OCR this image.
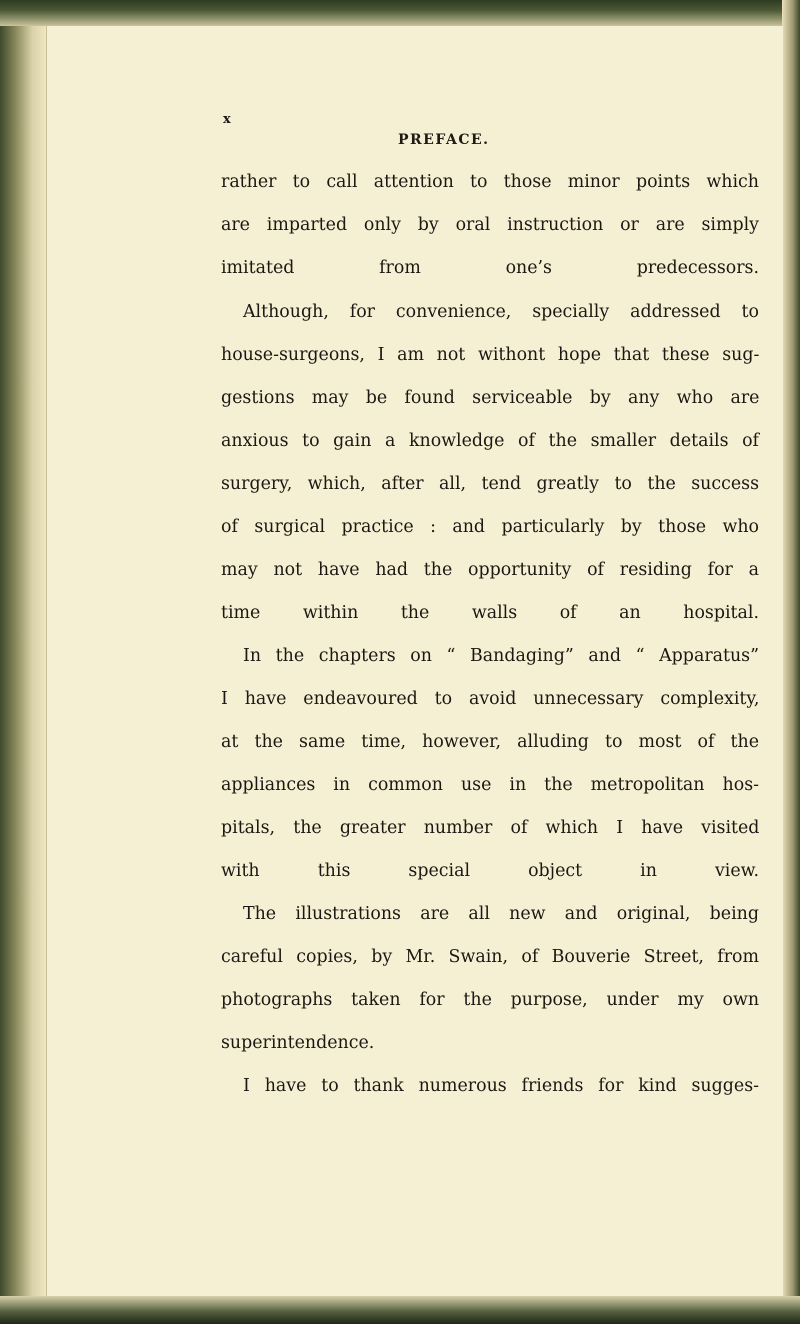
x
PREFACE.

rather to call attention to those minor points which
are imparted only by oral instruction or are simply
imitated from one’s predecessors.

Although, for convenience, specially addressed to
house-surgeons, I am not withont hope that these sug-
gestions may be found serviceable by any who are
anxious to gain a knowledge of the smaller details of
surgery, which, after all, tend greatly to the success
of surgical practice : and particularly by those who
may not have had the opportunity of residing for a
time within the walls of an hospital.

In the chapters on “ Bandaging” and “ Apparatus”
I have endeavoured to avoid unnecessary complexity,
at the same time, however, alluding to most of the
appliances in common use in the metropolitan hos-
pitals, the greater number of which I have visited
with this special object in view.

The illustrations are all new and original, being
careful copies, by Mr. Swain, of Bouverie Street, from
photographs taken for the purpose, under my own
superintendence.

I have to thank numerous friends for kind sugges-
